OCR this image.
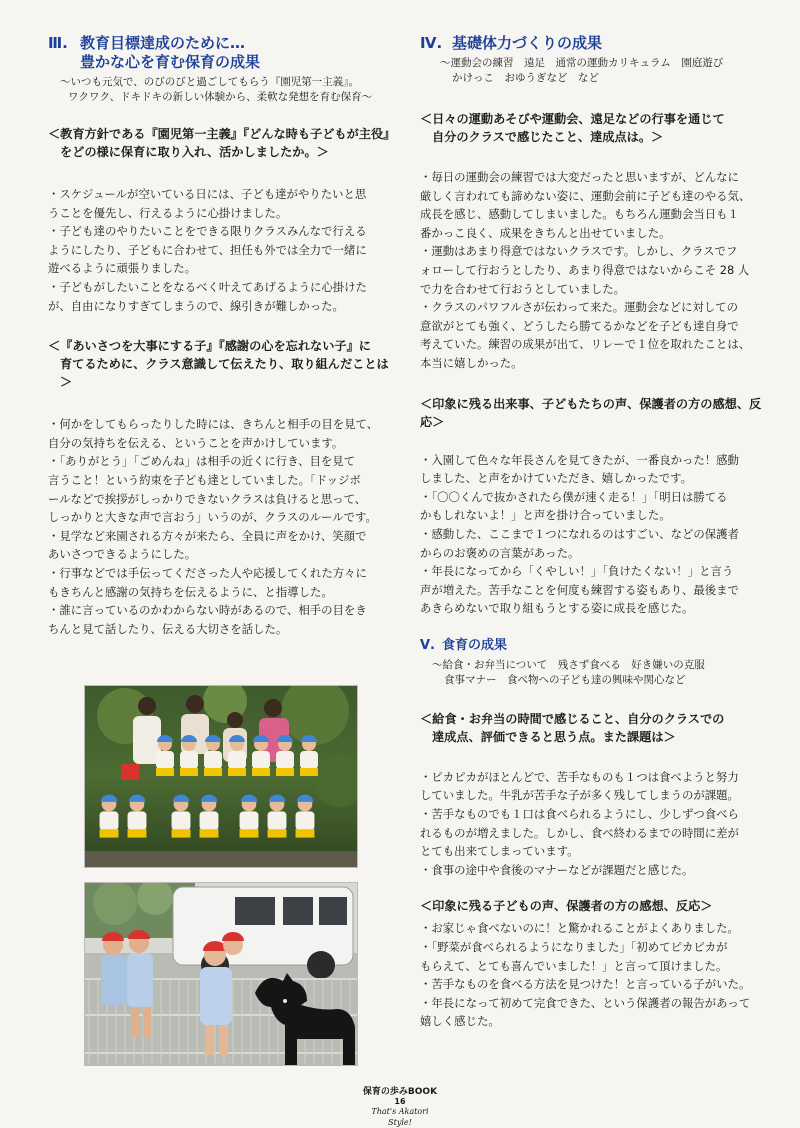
Ⅲ. 教育目標達成のために…
豊かな心を育む保育の成果
〜いつも元気で、のびのびと過ごしてもらう『園児第一主義』。
ワクワク、ドキドキの新しい体験から、柔軟な発想を育む保育〜
＜教育方針である『園児第一主義』『どんな時も子どもが主役』
をどの様に保育に取り入れ、活かしましたか。＞
・スケジュールが空いている日には、子ども達がやりたいと思
うことを優先し、行えるように心掛けました。
・子ども達のやりたいことをできる限りクラスみんなで行える
ようにしたり、子どもに合わせて、担任も外では全力で一緒に
遊べるように頑張りました。
・子どもがしたいことをなるべく叶えてあげるように心掛けた
が、自由になりすぎてしまうので、線引きが難しかった。
＜『あいさつを大事にする子』『感謝の心を忘れない子』に
育てるために、クラス意識して伝えたり、取り組んだことは＞
・何かをしてもらったりした時には、きちんと相手の目を見て、
自分の気持ちを伝える、ということを声かけしています。
・「ありがとう」「ごめんね」は相手の近くに行き、目を見て
言うこと！という約束を子ども達としていました。「ドッジボ
ールなどで挨拶がしっかりできないクラスは負けると思って、
しっかりと大きな声で言おう」いうのが、クラスのルールです。
・見学など来園される方々が来たら、全員に声をかけ、笑顔で
あいさつできるようにした。
・行事などでは手伝ってくださった人や応援してくれた方々に
もきちんと感謝の気持ちを伝えるように、と指導した。
・誰に言っているのかわからない時があるので、相手の目をき
ちんと見て話したり、伝える大切さを話した。
Ⅳ. 基礎体力づくりの成果
〜運動会の練習　遠足　通常の運動カリキュラム　園庭遊び
かけっこ　おゆうぎなど　など
＜日々の運動あそびや運動会、遠足などの行事を通じて
自分のクラスで感じたこと、達成点は。＞
・毎日の運動会の練習では大変だったと思いますが、どんなに
厳しく言われても諦めない姿に、運動会前に子ども達のやる気、
成長を感じ、感動してしまいました。もちろん運動会当日も１
番かっこ良く、成果をきちんと出せていました。
・運動はあまり得意ではないクラスです。しかし、クラスでフ
ォローして行おうとしたり、あまり得意ではないからこそ 28 人
で力を合わせて行おうとしていました。
・クラスのパワフルさが伝わって来た。運動会などに対しての
意欲がとても強く、どうしたら勝てるかなどを子ども達自身で
考えていた。練習の成果が出て、リレーで１位を取れたことは、
本当に嬉しかった。
＜印象に残る出来事、子どもたちの声、保護者の方の感想、反応＞
・入園して色々な年長さんを見てきたが、一番良かった！感動
しました、と声をかけていただき、嬉しかったです。
・「〇〇くんで抜かされたら僕が速く走る！」「明日は勝てる
かもしれないよ！」と声を掛け合っていました。
・感動した、ここまで１つになれるのはすごい、などの保護者
からのお褒めの言葉があった。
・年長になってから「くやしい！」「負けたくない！」と言う
声が増えた。苦手なことを何度も練習する姿もあり、最後まで
あきらめないで取り組もうとする姿に成長を感じた。
Ⅴ. 食育の成果
〜給食・お弁当について　残さず食べる　好き嫌いの克服
食事マナー　食べ物への子ども達の興味や関心など
＜給食・お弁当の時間で感じること、自分のクラスでの
達成点、評価できると思う点。また課題は＞
・ピカピカがほとんどで、苦手なものも１つは食べようと努力
していました。牛乳が苦手な子が多く残してしまうのが課題。
・苦手なものでも１口は食べられるようにし、少しずつ食べら
れるものが増えました。しかし、食べ終わるまでの時間に差が
とても出来てしまっています。
・食事の途中や食後のマナーなどが課題だと感じた。
＜印象に残る子どもの声、保護者の方の感想、反応＞
・お家じゃ食べないのに！と驚かれることがよくありました。
・「野菜が食べられるようになりました」「初めてピカピカが
もらえて、とても喜んでいました！」と言って頂けました。
・苦手なものを食べる方法を見つけた！と言っている子がいた。
・年長になって初めて完食できた、という保護者の報告があって
嬉しく感じた。
保育の歩みBOOK
16
That's Akatori Style!
